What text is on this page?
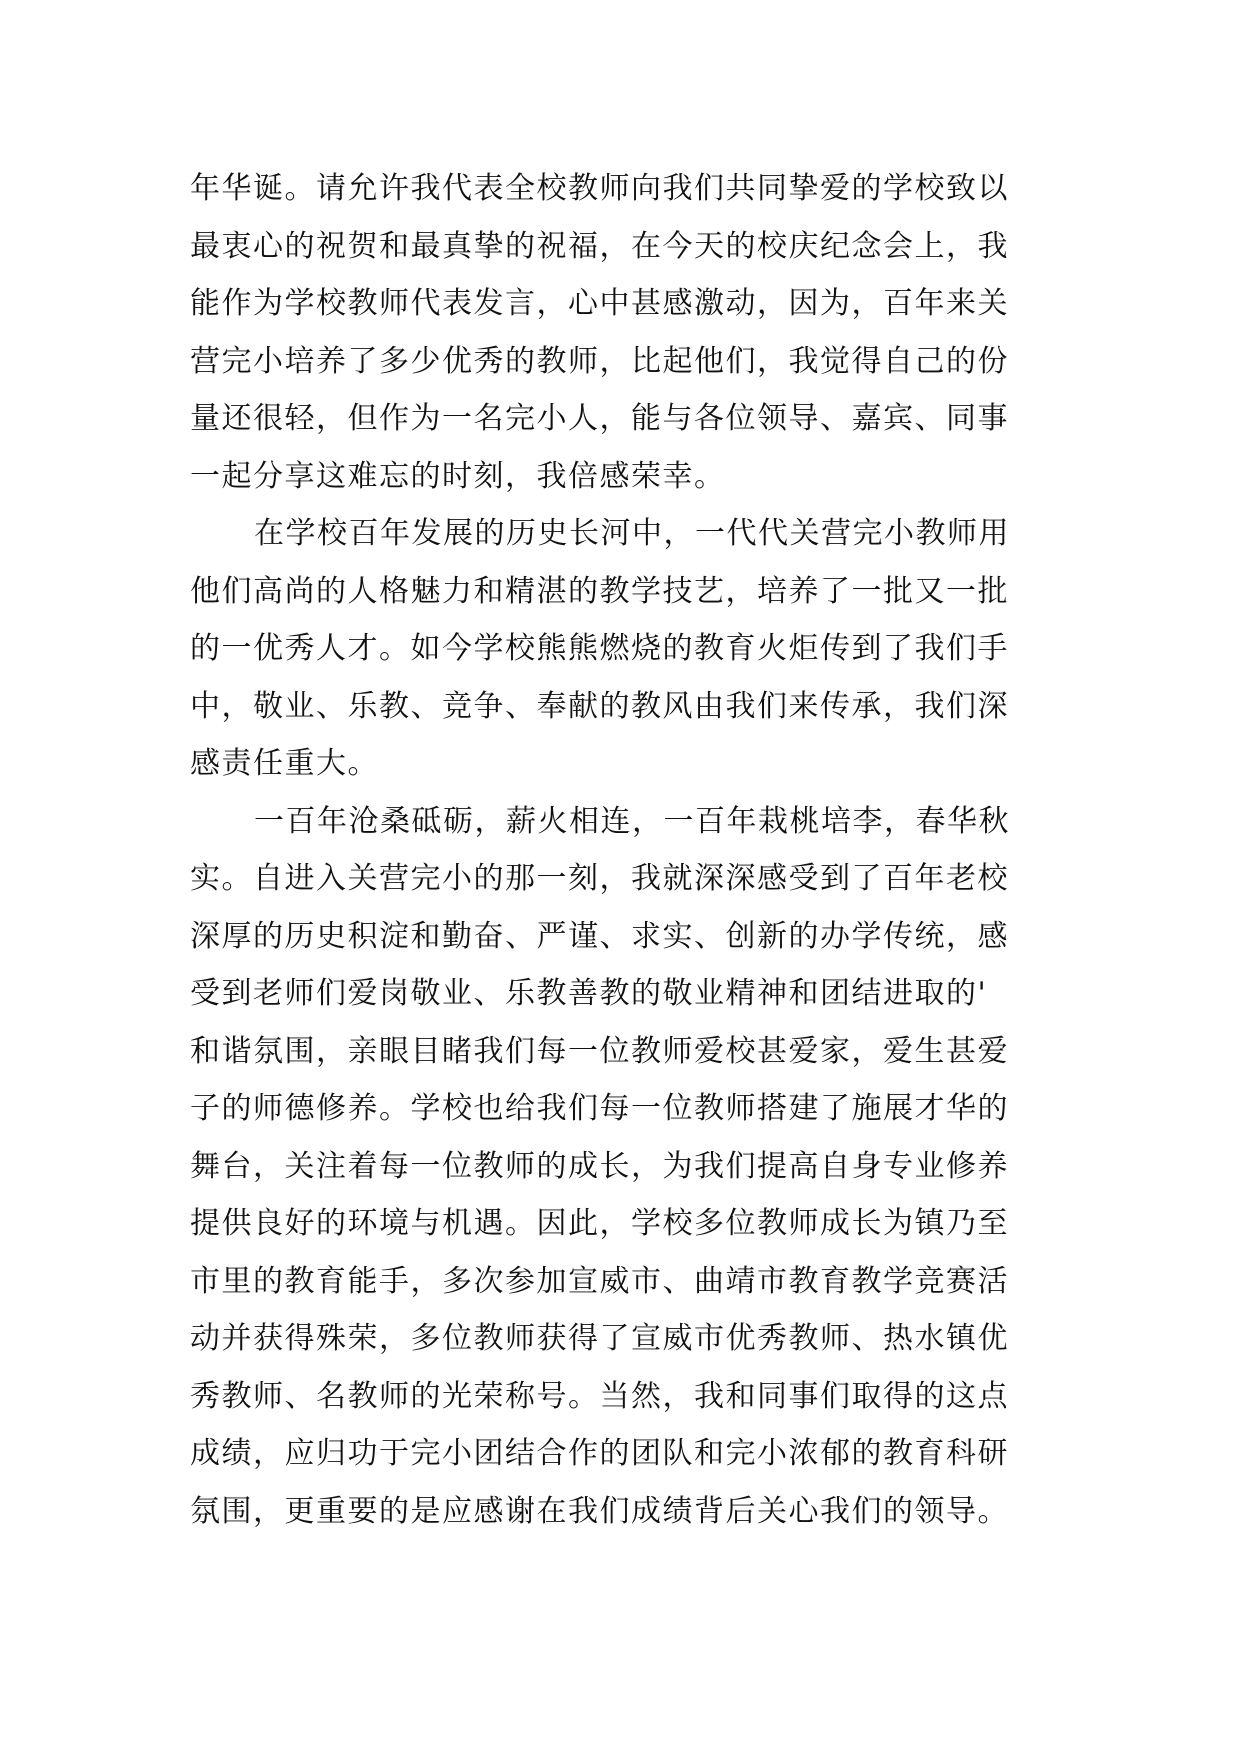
年华诞。请允许我代表全校教师向我们共同挚爱的学校致以
最衷心的祝贺和最真挚的祝福，在今天的校庆纪念会上，我
能作为学校教师代表发言，心中甚感激动，因为，百年来关
营完小培养了多少优秀的教师，比起他们，我觉得自己的份
量还很轻，但作为一名完小人，能与各位领导、嘉宾、同事
一起分享这难忘的时刻，我倍感荣幸。
在学校百年发展的历史长河中，一代代关营完小教师用
他们高尚的人格魅力和精湛的教学技艺，培养了一批又一批
的一优秀人才。如今学校熊熊燃烧的教育火炬传到了我们手
中，敬业、乐教、竞争、奉献的教风由我们来传承，我们深
感责任重大。
一百年沧桑砥砺，薪火相连，一百年栽桃培李，春华秋
实。自进入关营完小的那一刻，我就深深感受到了百年老校
深厚的历史积淀和勤奋、严谨、求实、创新的办学传统，感
受到老师们爱岗敬业、乐教善教的敬业精神和团结进取的'
和谐氛围，亲眼目睹我们每一位教师爱校甚爱家，爱生甚爱
子的师德修养。学校也给我们每一位教师搭建了施展才华的
舞台，关注着每一位教师的成长，为我们提高自身专业修养
提供良好的环境与机遇。因此，学校多位教师成长为镇乃至
市里的教育能手，多次参加宣威市、曲靖市教育教学竞赛活
动并获得殊荣，多位教师获得了宣威市优秀教师、热水镇优
秀教师、名教师的光荣称号。当然，我和同事们取得的这点
成绩，应归功于完小团结合作的团队和完小浓郁的教育科研
氛围，更重要的是应感谢在我们成绩背后关心我们的领导。
